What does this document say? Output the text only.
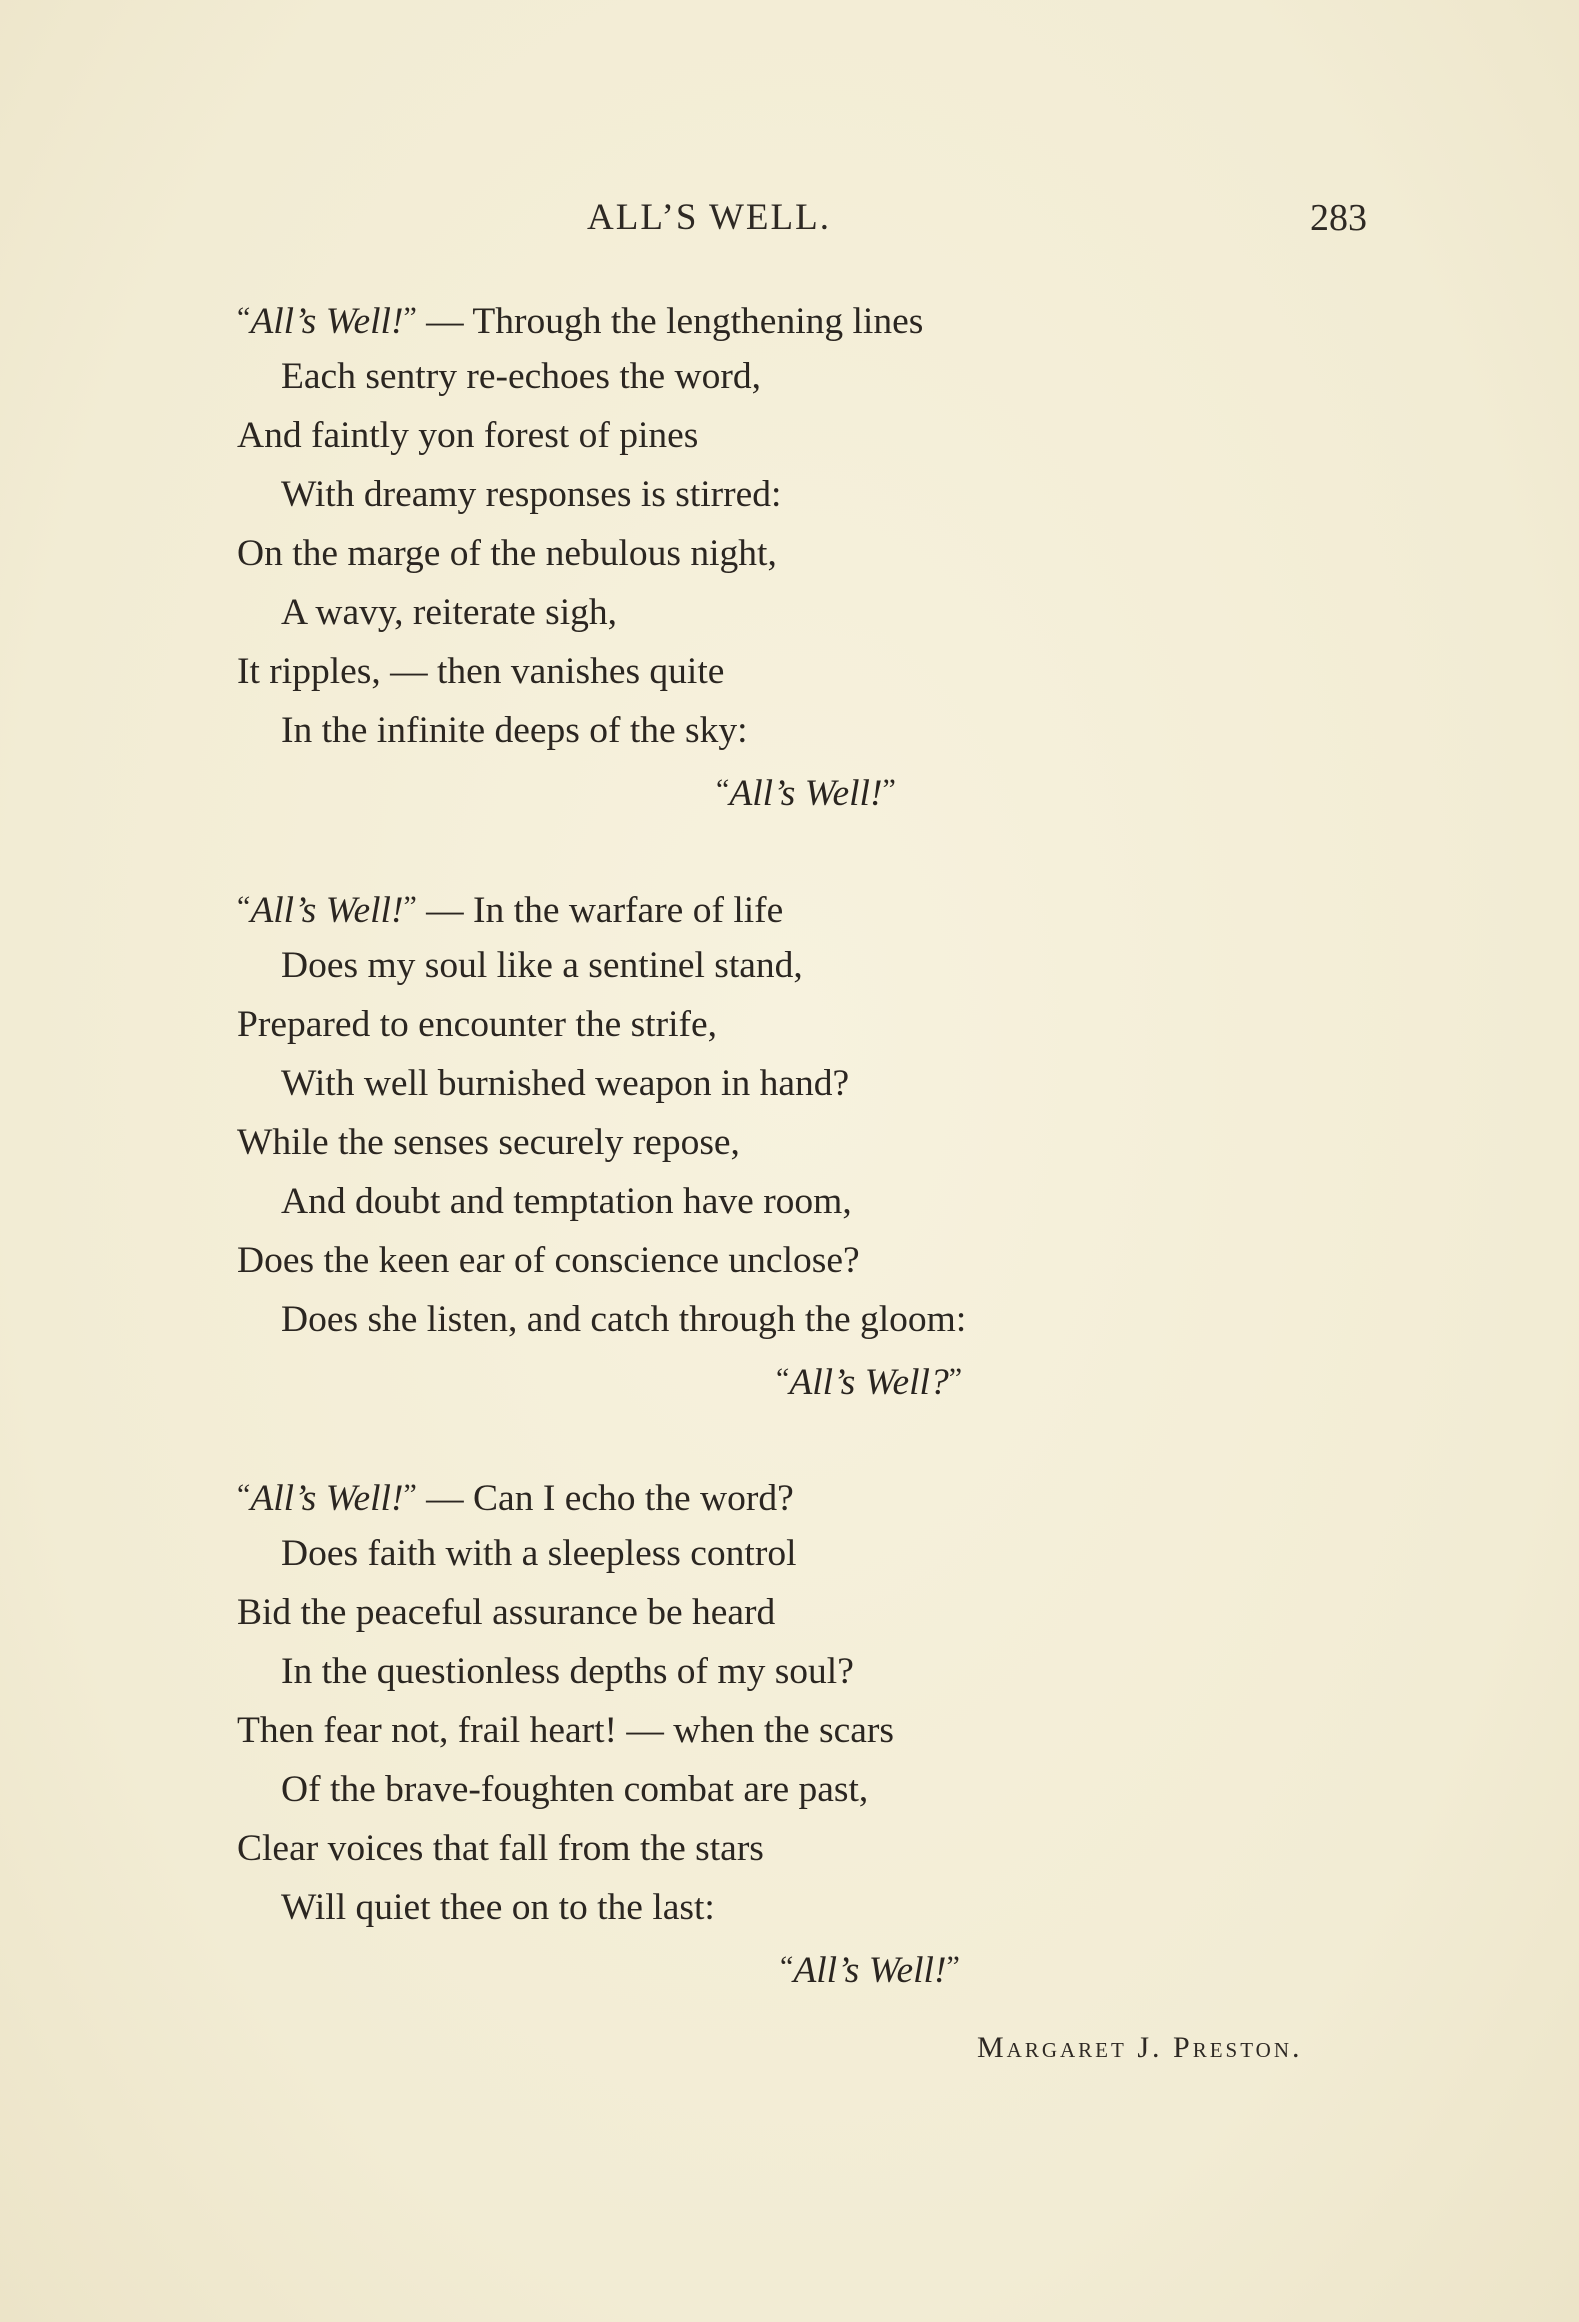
ALL’S WELL.	283
“All’s Well!” — Through the lengthening lines
Each sentry re-echoes the word,
And faintly yon forest of pines
With dreamy responses is stirred:
On the marge of the nebulous night,
A wavy, reiterate sigh,
It ripples, — then vanishes quite
In the infinite deeps of the sky:
“All’s Well!”
“All’s Well!” — In the warfare of life
Does my soul like a sentinel stand,
Prepared to encounter the strife,
With well burnished weapon in hand?
While the senses securely repose,
And doubt and temptation have room,
Does the keen ear of conscience unclose?
Does she listen, and catch through the gloom:
“All’s Well?”
“All’s Well!” — Can I echo the word?
Does faith with a sleepless control
Bid the peaceful assurance be heard
In the questionless depths of my soul?
Then fear not, frail heart! — when the scars
Of the brave-foughten combat are past,
Clear voices that fall from the stars
Will quiet thee on to the last:
“All’s Well!”
Margaret J. Preston.
